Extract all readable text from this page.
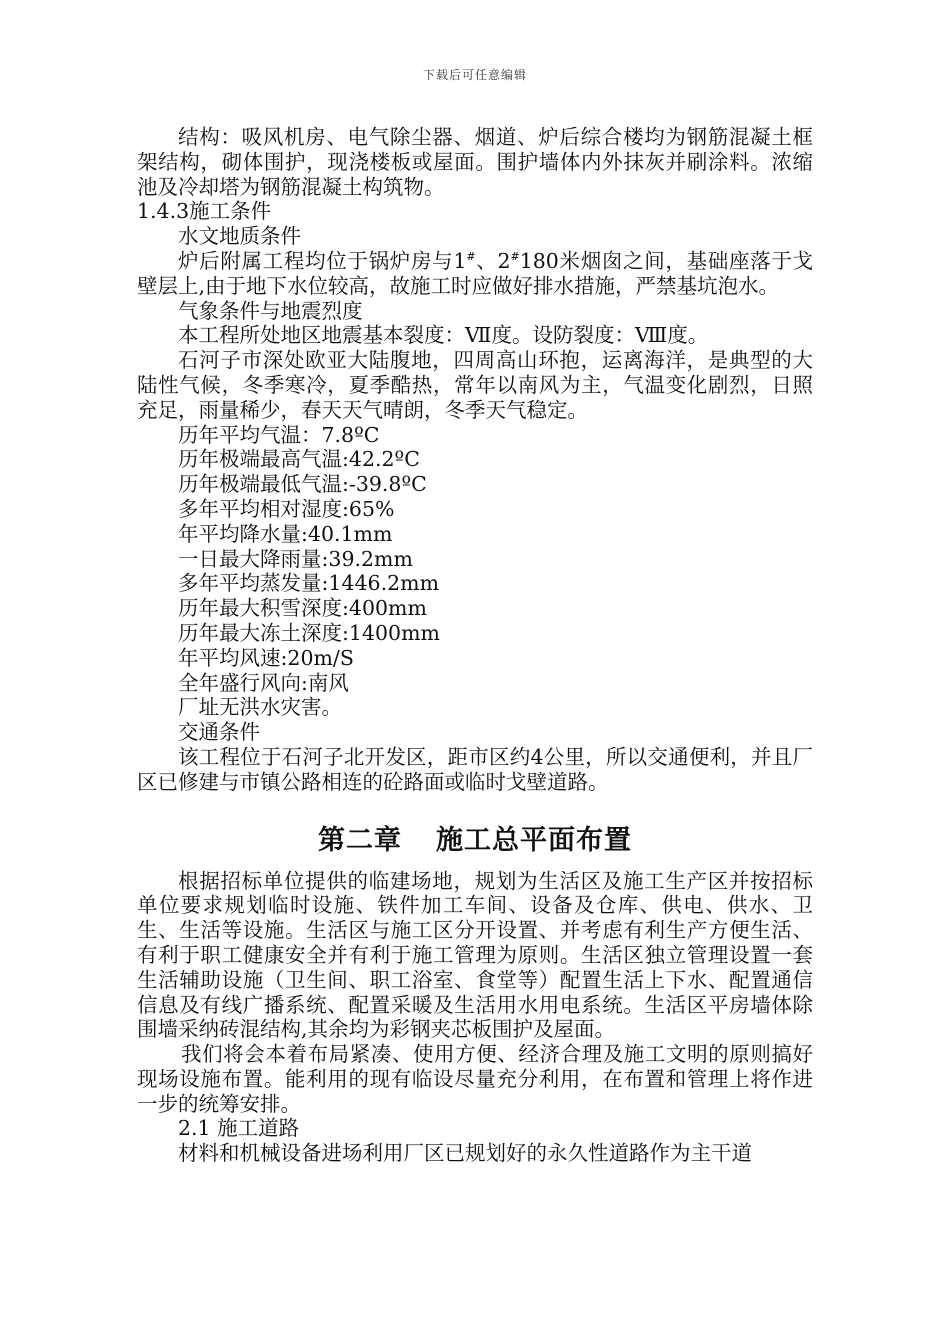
下载后可任意编辑

结构：吸风机房、电气除尘器、烟道、炉后综合楼均为钢筋混凝土框架结构，砌体围护，现浇楼板或屋面。围护墙体内外抹灰并刷涂料。浓缩池及冷却塔为钢筋混凝土构筑物。

1.4.3施工条件

水文地质条件

炉后附属工程均位于锅炉房与1#、2#180米烟囱之间，基础座落于戈壁层上,由于地下水位较高，故施工时应做好排水措施，严禁基坑泡水。

气象条件与地震烈度

本工程所处地区地震基本裂度：Ⅶ度。设防裂度：Ⅷ度。

石河子市深处欧亚大陆腹地，四周高山环抱，运离海洋，是典型的大陆性气候，冬季寒冷，夏季酷热，常年以南风为主，气温变化剧烈，日照充足，雨量稀少，春天天气晴朗，冬季天气稳定。

历年平均气温：7.8ºC

历年极端最高气温:42.2ºC

历年极端最低气温:-39.8ºC

多年平均相对湿度:65%

年平均降水量:40.1mm

一日最大降雨量:39.2mm

多年平均蒸发量:1446.2mm

历年最大积雪深度:400mm

历年最大冻土深度:1400mm

年平均风速:20m/S

全年盛行风向:南风

厂址无洪水灾害。

交通条件

该工程位于石河子北开发区，距市区约4公里，所以交通便利，并且厂区已修建与市镇公路相连的砼路面或临时戈壁道路。

第二章 施工总平面布置

根据招标单位提供的临建场地，规划为生活区及施工生产区并按招标单位要求规划临时设施、铁件加工车间、设备及仓库、供电、供水、卫生、生活等设施。生活区与施工区分开设置、并考虑有利生产方便生活、有利于职工健康安全并有利于施工管理为原则。生活区独立管理设置一套生活辅助设施（卫生间、职工浴室、食堂等）配置生活上下水、配置通信信息及有线广播系统、配置采暖及生活用水用电系统。生活区平房墙体除围墙采纳砖混结构,其余均为彩钢夹芯板围护及屋面。

我们将会本着布局紧凑、使用方便、经济合理及施工文明的原则搞好现场设施布置。能利用的现有临设尽量充分利用，在布置和管理上将作进一步的统筹安排。

2.1 施工道路

材料和机械设备进场利用厂区已规划好的永久性道路作为主干道
